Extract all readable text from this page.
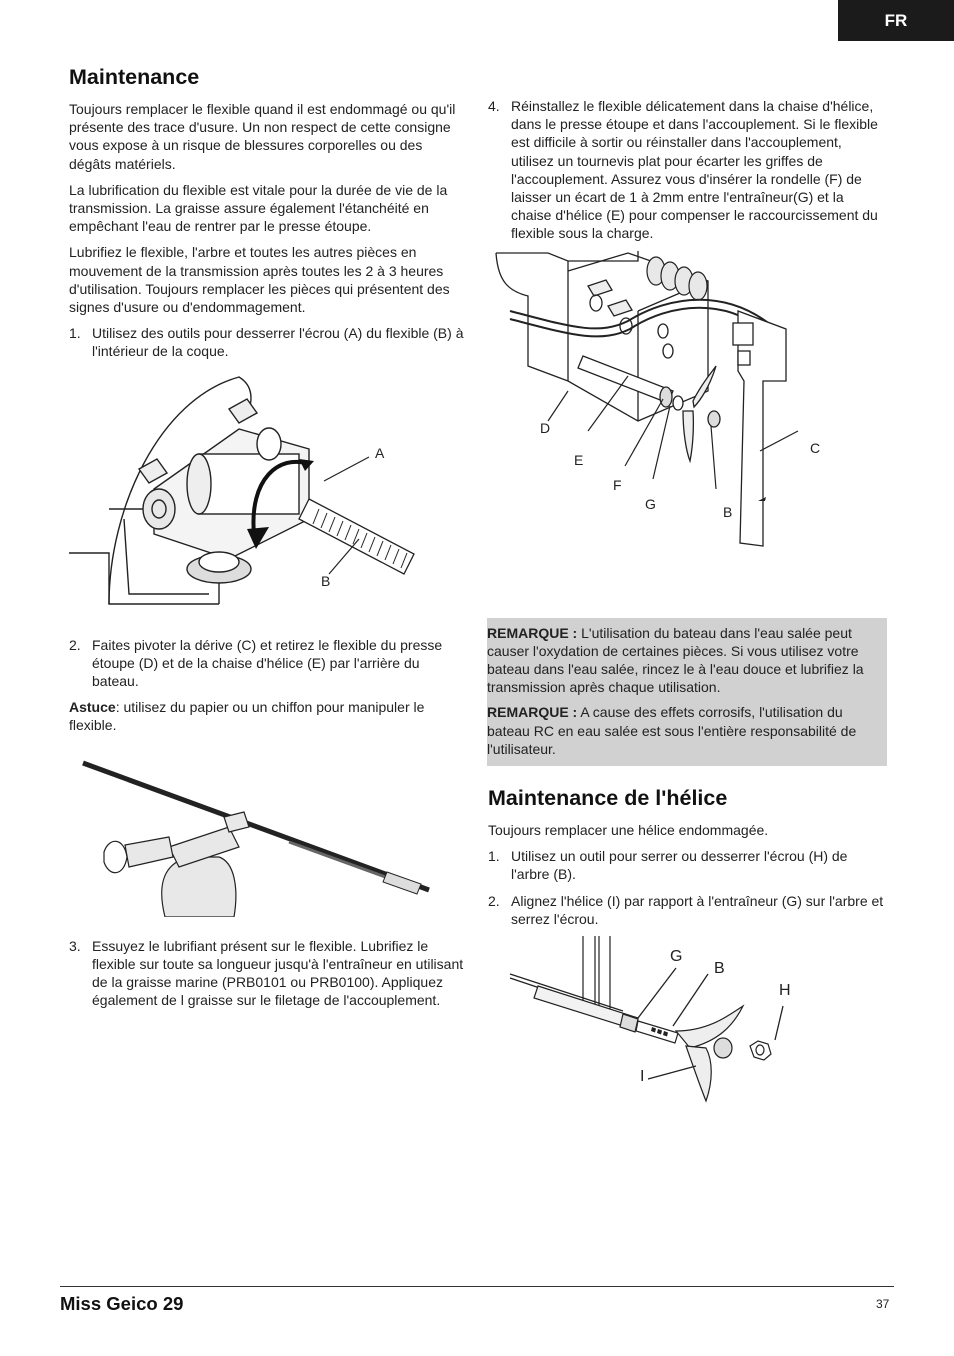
FR
Maintenance

Toujours remplacer le flexible quand il est endommagé ou qu'il présente des trace d'usure. Un non respect de cette consigne vous expose à un risque de blessures corporelles ou des dégâts matériels.

La lubrification du flexible est vitale pour la durée de vie de la transmission. La graisse assure également l'étanchéité en empêchant l'eau de rentrer par le presse étoupe.

Lubrifiez le flexible, l'arbre et toutes les autres pièces en mouvement de la transmission après toutes les 2 à 3 heures d'utilisation. Toujours remplacer les pièces qui présentent des signes d'usure ou d'endommagement.

1. Utilisez des outils pour desserrer l'écrou (A) du flexible (B) à l'intérieur de la coque.
A
B
2. Faites pivoter la dérive (C) et retirez le flexible du presse étoupe (D) et de la chaise d'hélice (E) par l'arrière du bateau.

Astuce: utilisez du papier ou un chiffon pour manipuler le flexible.

3. Essuyez le lubrifiant présent sur le flexible. Lubrifiez le flexible sur toute sa longueur jusqu'à l'entraîneur en utilisant de la graisse marine (PRB0101 ou PRB0100). Appliquez également de l graisse sur le filetage de l'accouplement.
4. Réinstallez le flexible délicatement dans la chaise d'hélice, dans le presse étoupe et dans l'accouplement. Si le flexible est difficile à sortir ou réinstaller dans l'accouplement, utilisez un tournevis plat pour écarter les griffes de l'accouplement. Assurez vous d'insérer la rondelle (F) de laisser un écart de 1 à 2mm entre l'entraîneur(G) et la chaise d'hélice (E) pour compenser le raccourcissement du flexible sous la charge.
D
E
F
G	B
C

REMARQUE : L'utilisation du bateau dans l'eau salée peut causer l'oxydation de certaines pièces. Si vous utilisez votre bateau dans l'eau salée, rincez le à l'eau douce et lubrifiez la transmission après chaque utilisation.

REMARQUE : A cause des effets corrosifs, l'utilisation du bateau RC en eau salée est sous l'entière responsabilité de l'utilisateur.

Maintenance de l'hélice

Toujours remplacer une hélice endommagée.

1. Utilisez un outil pour serrer ou desserrer l'écrou (H) de l'arbre (B).
2. Alignez l'hélice (I) par rapport à l'entraîneur (G) sur l'arbre et serrez l'écrou.
G
B
H
I
Miss Geico 29	37
